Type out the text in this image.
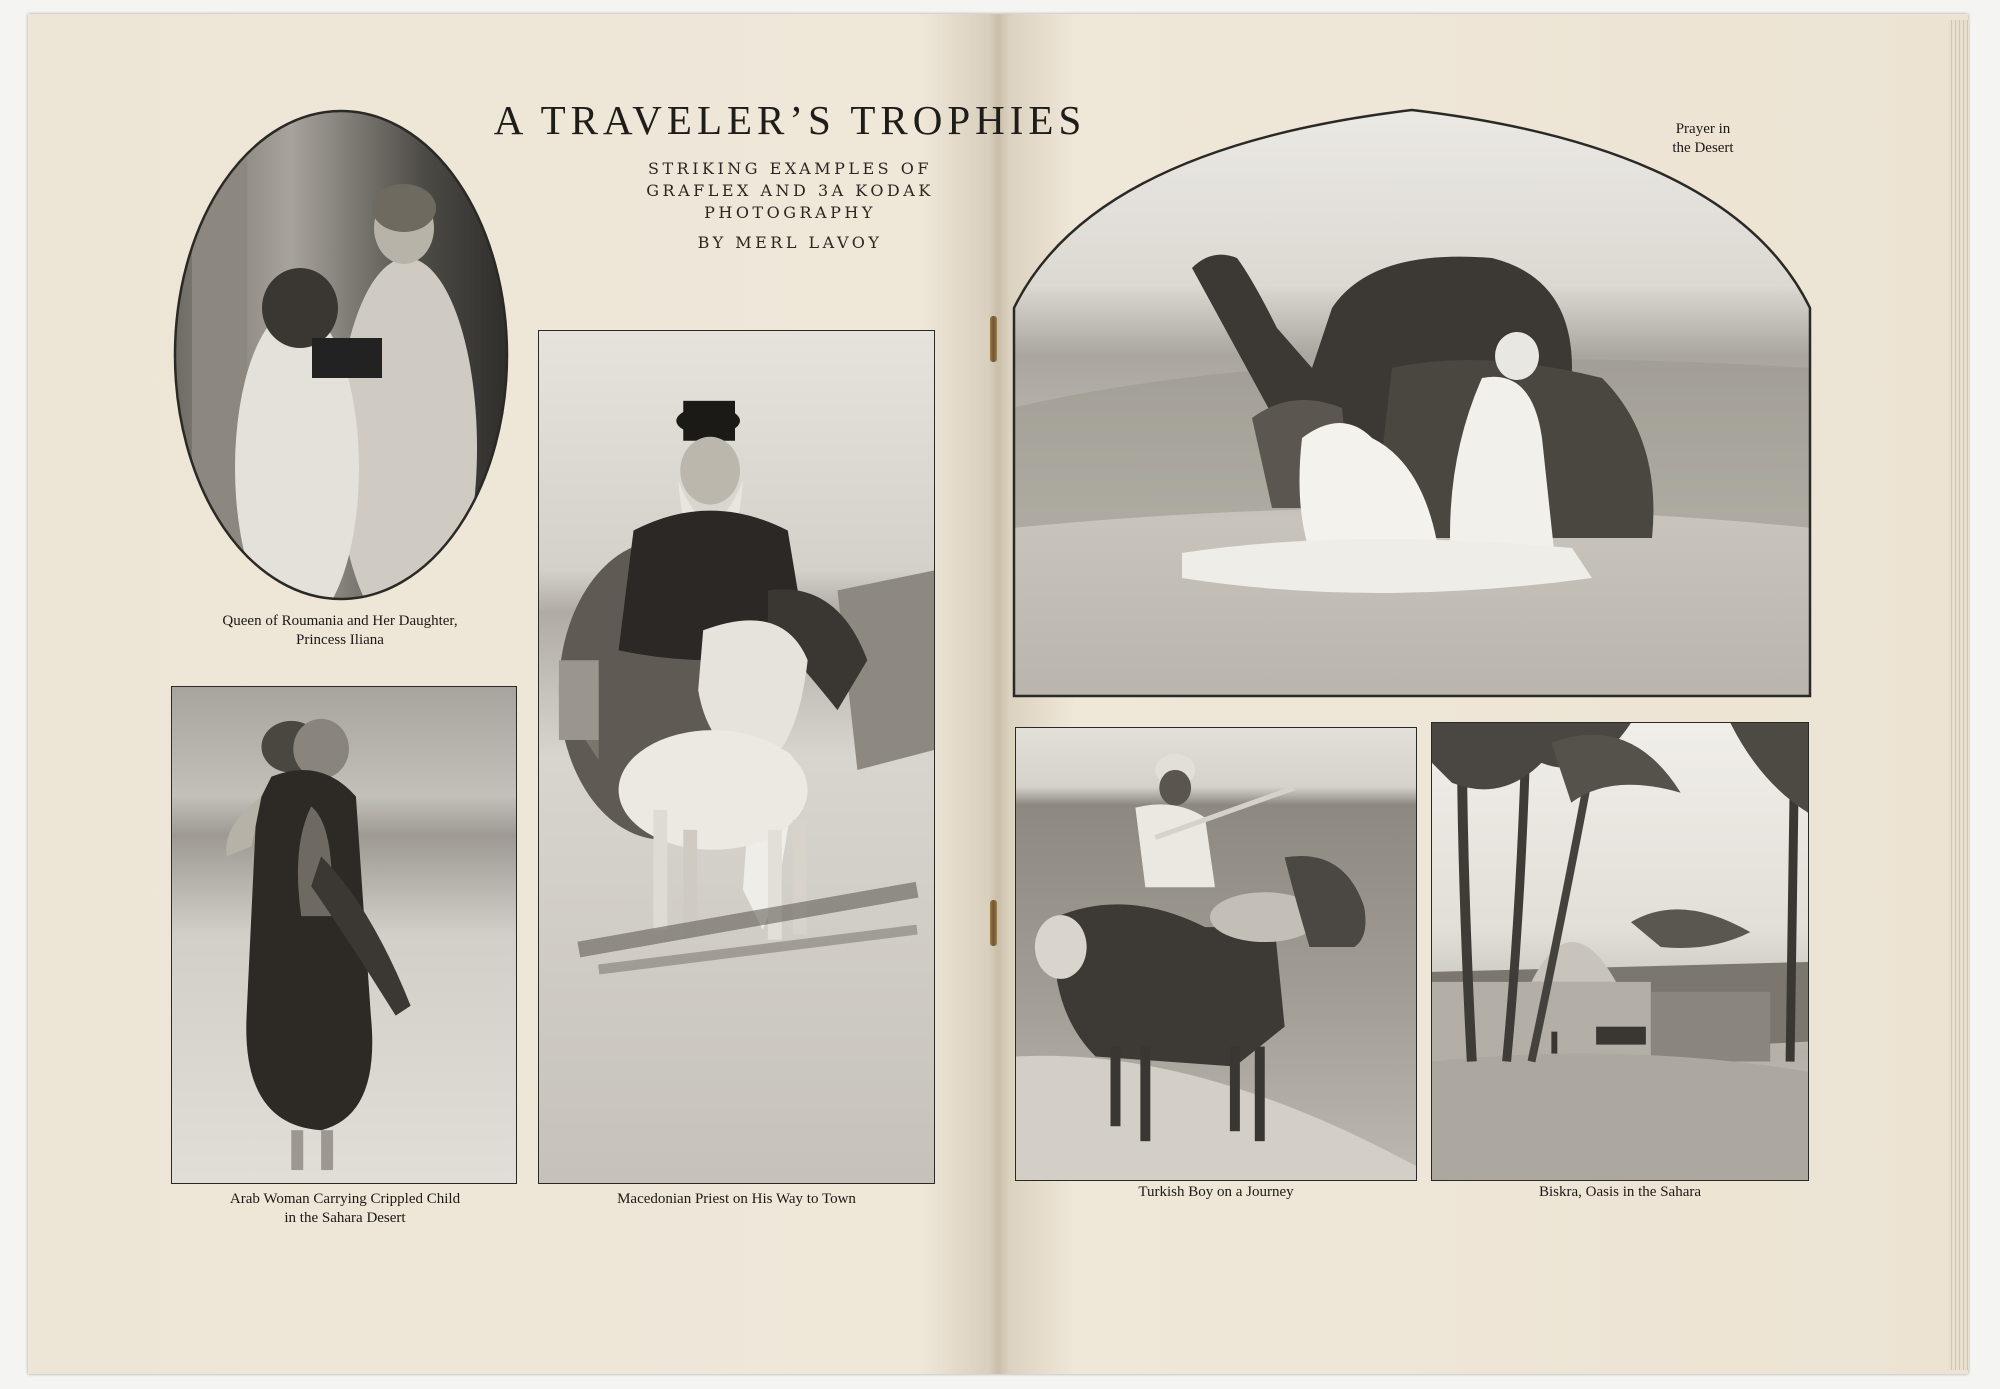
A TRAVELER’S TROPHIES
STRIKING EXAMPLES OF
GRAFLEX AND 3A KODAK
PHOTOGRAPHY
BY MERL LAVOY
Queen of Roumania and Her Daughter,
Princess Iliana
Arab Woman Carrying Crippled Child
in the Sahara Desert
Macedonian Priest on His Way to Town
Prayer in
the Desert
Turkish Boy on a Journey	Biskra, Oasis in the Sahara
